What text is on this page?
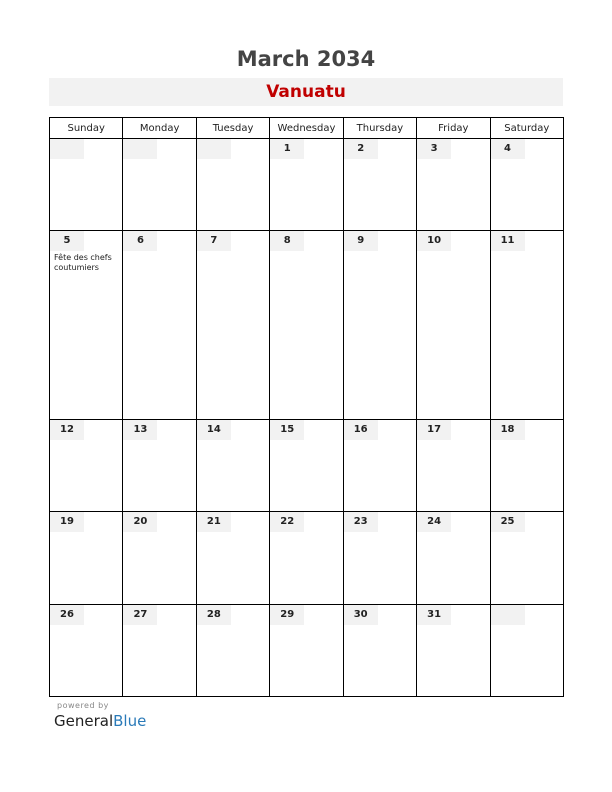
March 2034
Vanuatu
Sunday	Monday	Tuesday	Wednesday	Thursday	Friday	Saturday

			1	2	3	4

5
Fête des chefs coutumiers	6	7	8	9	10	11

12	13	14	15	16	17	18

19	20	21	22	23	24	25

26	27	28	29	30	31	

powered by
GeneralBlue
